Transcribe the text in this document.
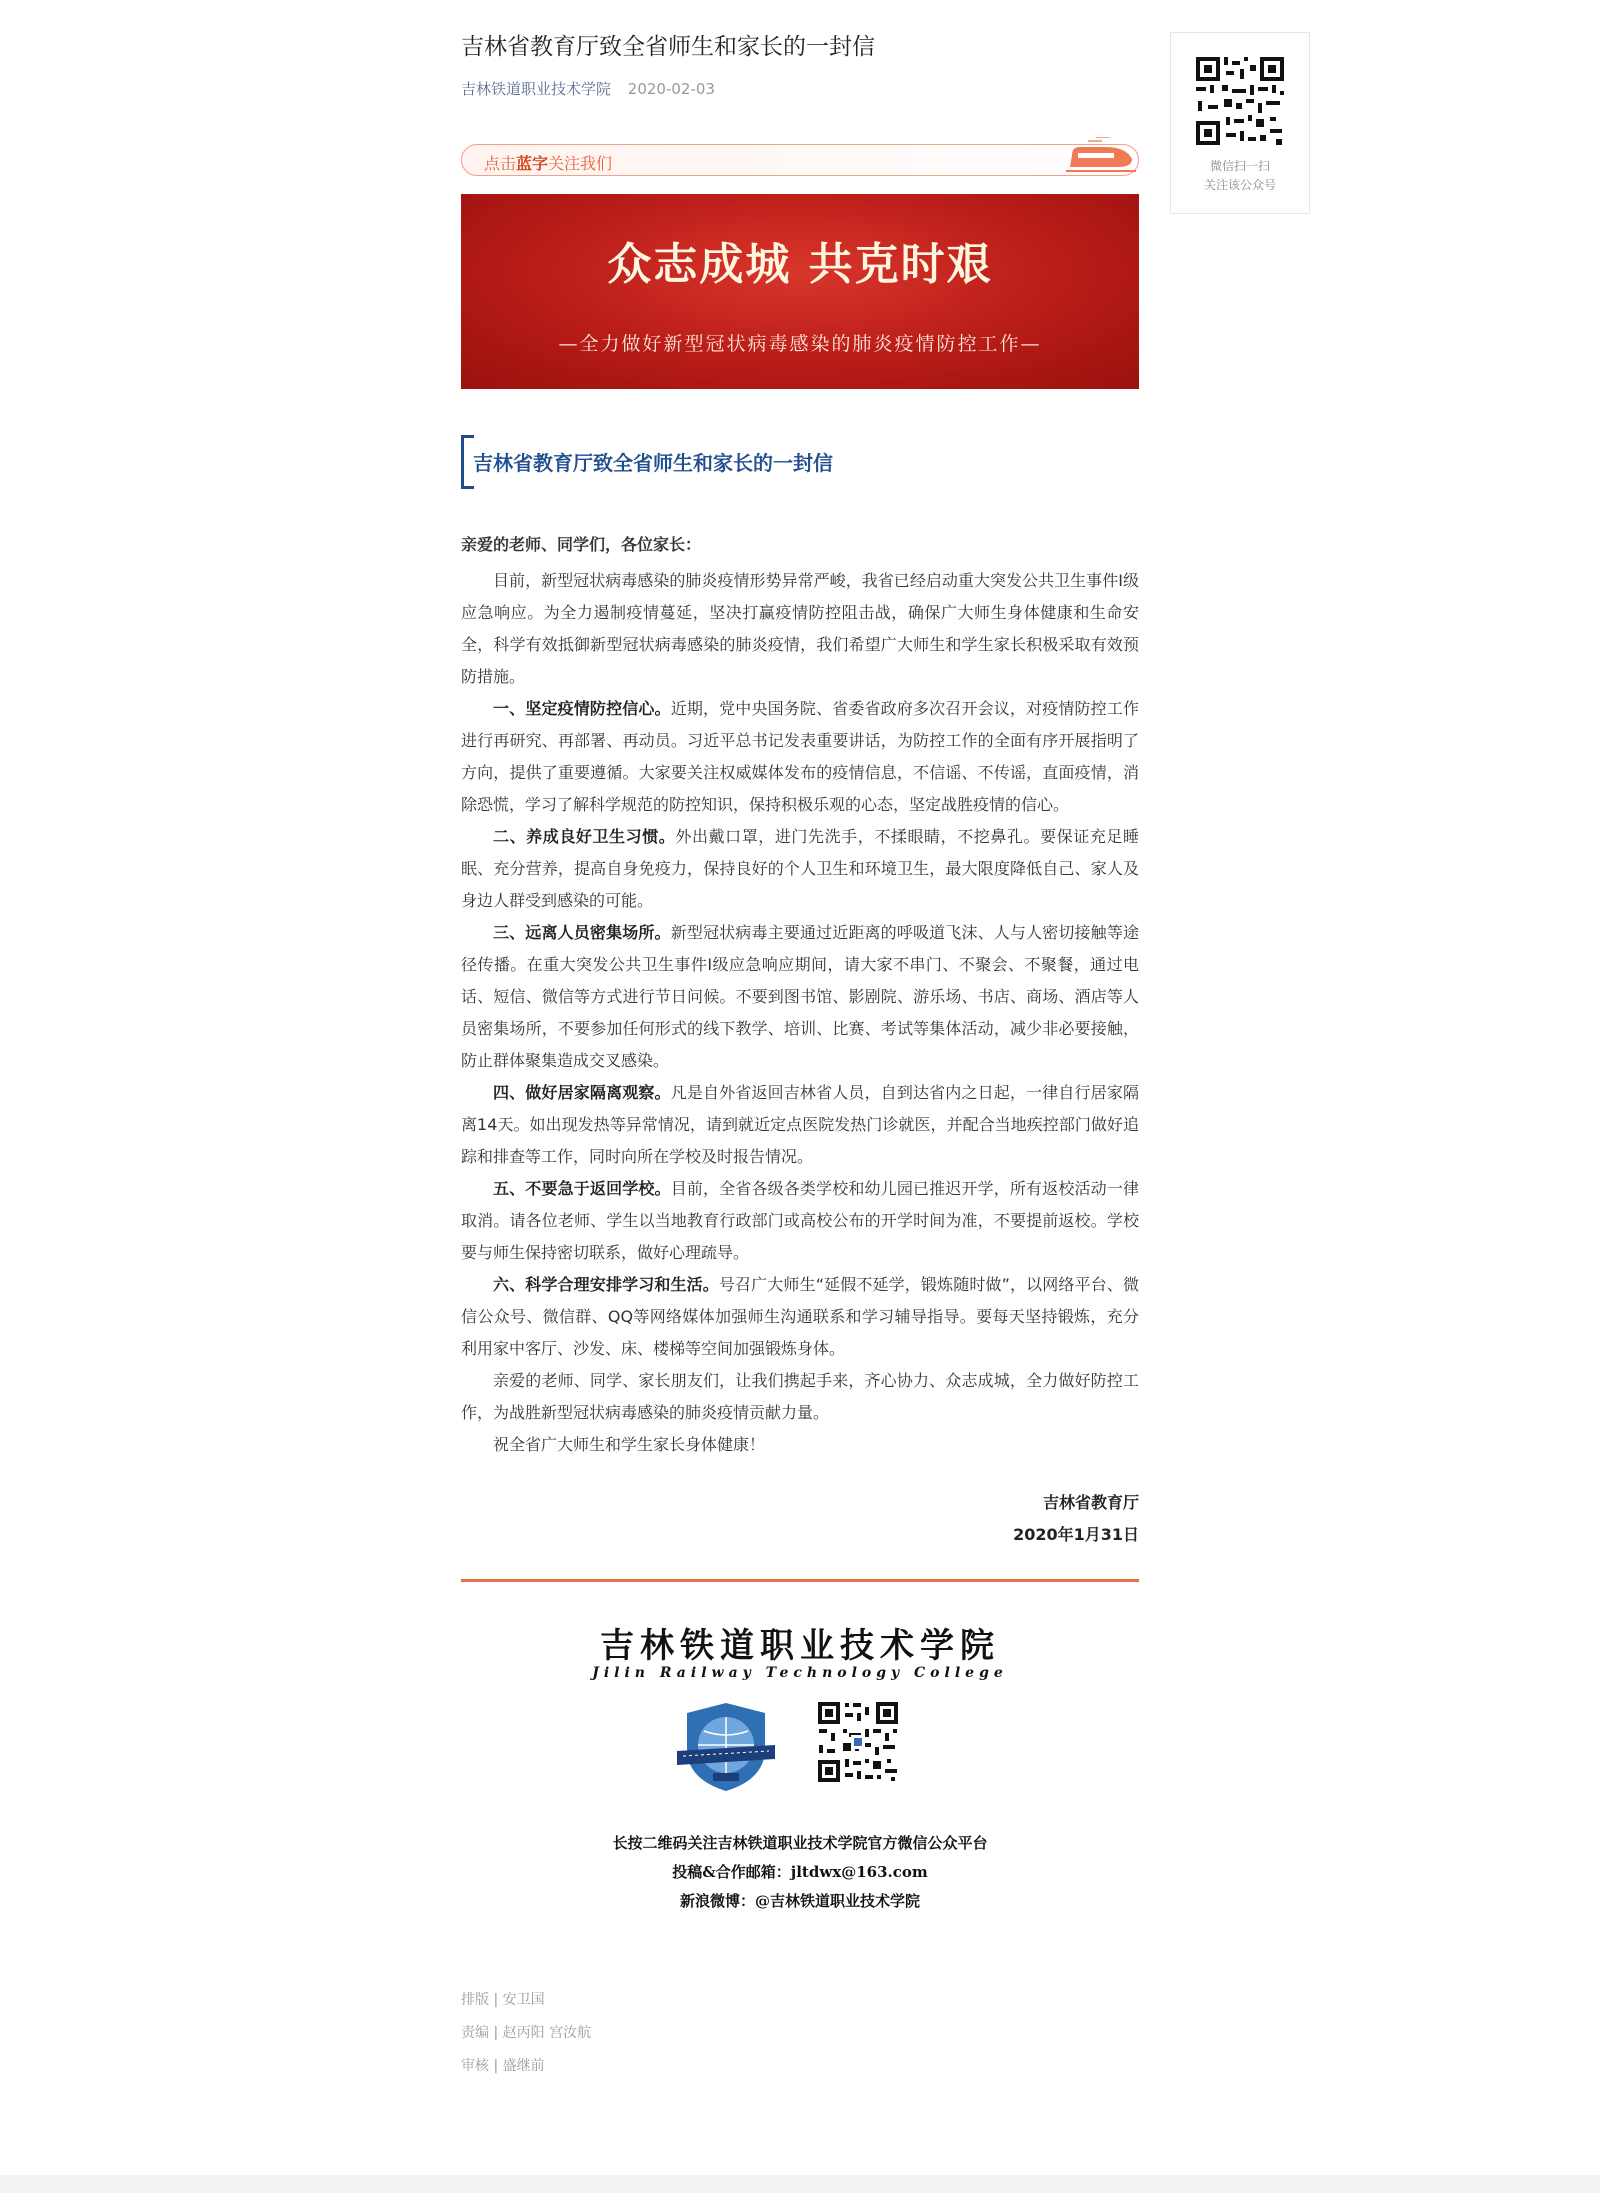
吉林省教育厅致全省师生和家长的一封信
吉林铁道职业技术学院 2020-02-03
点击蓝字关注我们
众志成城 共克时艰
—全力做好新型冠状病毒感染的肺炎疫情防控工作—
吉林省教育厅致全省师生和家长的一封信

亲爱的老师、同学们，各位家长：

目前，新型冠状病毒感染的肺炎疫情形势异常严峻，我省已经启动重大突发公共卫生事件Ⅰ级应急响应。为全力遏制疫情蔓延，坚决打赢疫情防控阻击战，确保广大师生身体健康和生命安全，科学有效抵御新型冠状病毒感染的肺炎疫情，我们希望广大师生和学生家长积极采取有效预防措施。

一、坚定疫情防控信心。近期，党中央国务院、省委省政府多次召开会议，对疫情防控工作进行再研究、再部署、再动员。习近平总书记发表重要讲话，为防控工作的全面有序开展指明了方向，提供了重要遵循。大家要关注权威媒体发布的疫情信息，不信谣、不传谣，直面疫情，消除恐慌，学习了解科学规范的防控知识，保持积极乐观的心态，坚定战胜疫情的信心。

二、养成良好卫生习惯。外出戴口罩，进门先洗手，不揉眼睛，不挖鼻孔。要保证充足睡眠、充分营养，提高自身免疫力，保持良好的个人卫生和环境卫生，最大限度降低自己、家人及身边人群受到感染的可能。

三、远离人员密集场所。新型冠状病毒主要通过近距离的呼吸道飞沫、人与人密切接触等途径传播。在重大突发公共卫生事件Ⅰ级应急响应期间，请大家不串门、不聚会、不聚餐，通过电话、短信、微信等方式进行节日问候。不要到图书馆、影剧院、游乐场、书店、商场、酒店等人员密集场所，不要参加任何形式的线下教学、培训、比赛、考试等集体活动，减少非必要接触，防止群体聚集造成交叉感染。

四、做好居家隔离观察。凡是自外省返回吉林省人员，自到达省内之日起，一律自行居家隔离14天。如出现发热等异常情况，请到就近定点医院发热门诊就医，并配合当地疾控部门做好追踪和排查等工作，同时向所在学校及时报告情况。

五、不要急于返回学校。目前，全省各级各类学校和幼儿园已推迟开学，所有返校活动一律取消。请各位老师、学生以当地教育行政部门或高校公布的开学时间为准，不要提前返校。学校要与师生保持密切联系，做好心理疏导。

六、科学合理安排学习和生活。号召广大师生“延假不延学，锻炼随时做”，以网络平台、微信公众号、微信群、QQ等网络媒体加强师生沟通联系和学习辅导指导。要每天坚持锻炼，充分利用家中客厅、沙发、床、楼梯等空间加强锻炼身体。

亲爱的老师、同学、家长朋友们，让我们携起手来，齐心协力、众志成城，全力做好防控工作，为战胜新型冠状病毒感染的肺炎疫情贡献力量。

祝全省广大师生和学生家长身体健康！

吉林省教育厅
2020年1月31日
吉林铁道职业技术学院
Jilin Railway Technology College
长按二维码关注吉林铁道职业技术学院官方微信公众平台
投稿&合作邮箱：jltdwx@163.com
新浪微博：@吉林铁道职业技术学院
排版 | 安卫国
责编 | 赵丙阳 宫汝航
审核 | 盛继前
微信扫一扫
关注该公众号
